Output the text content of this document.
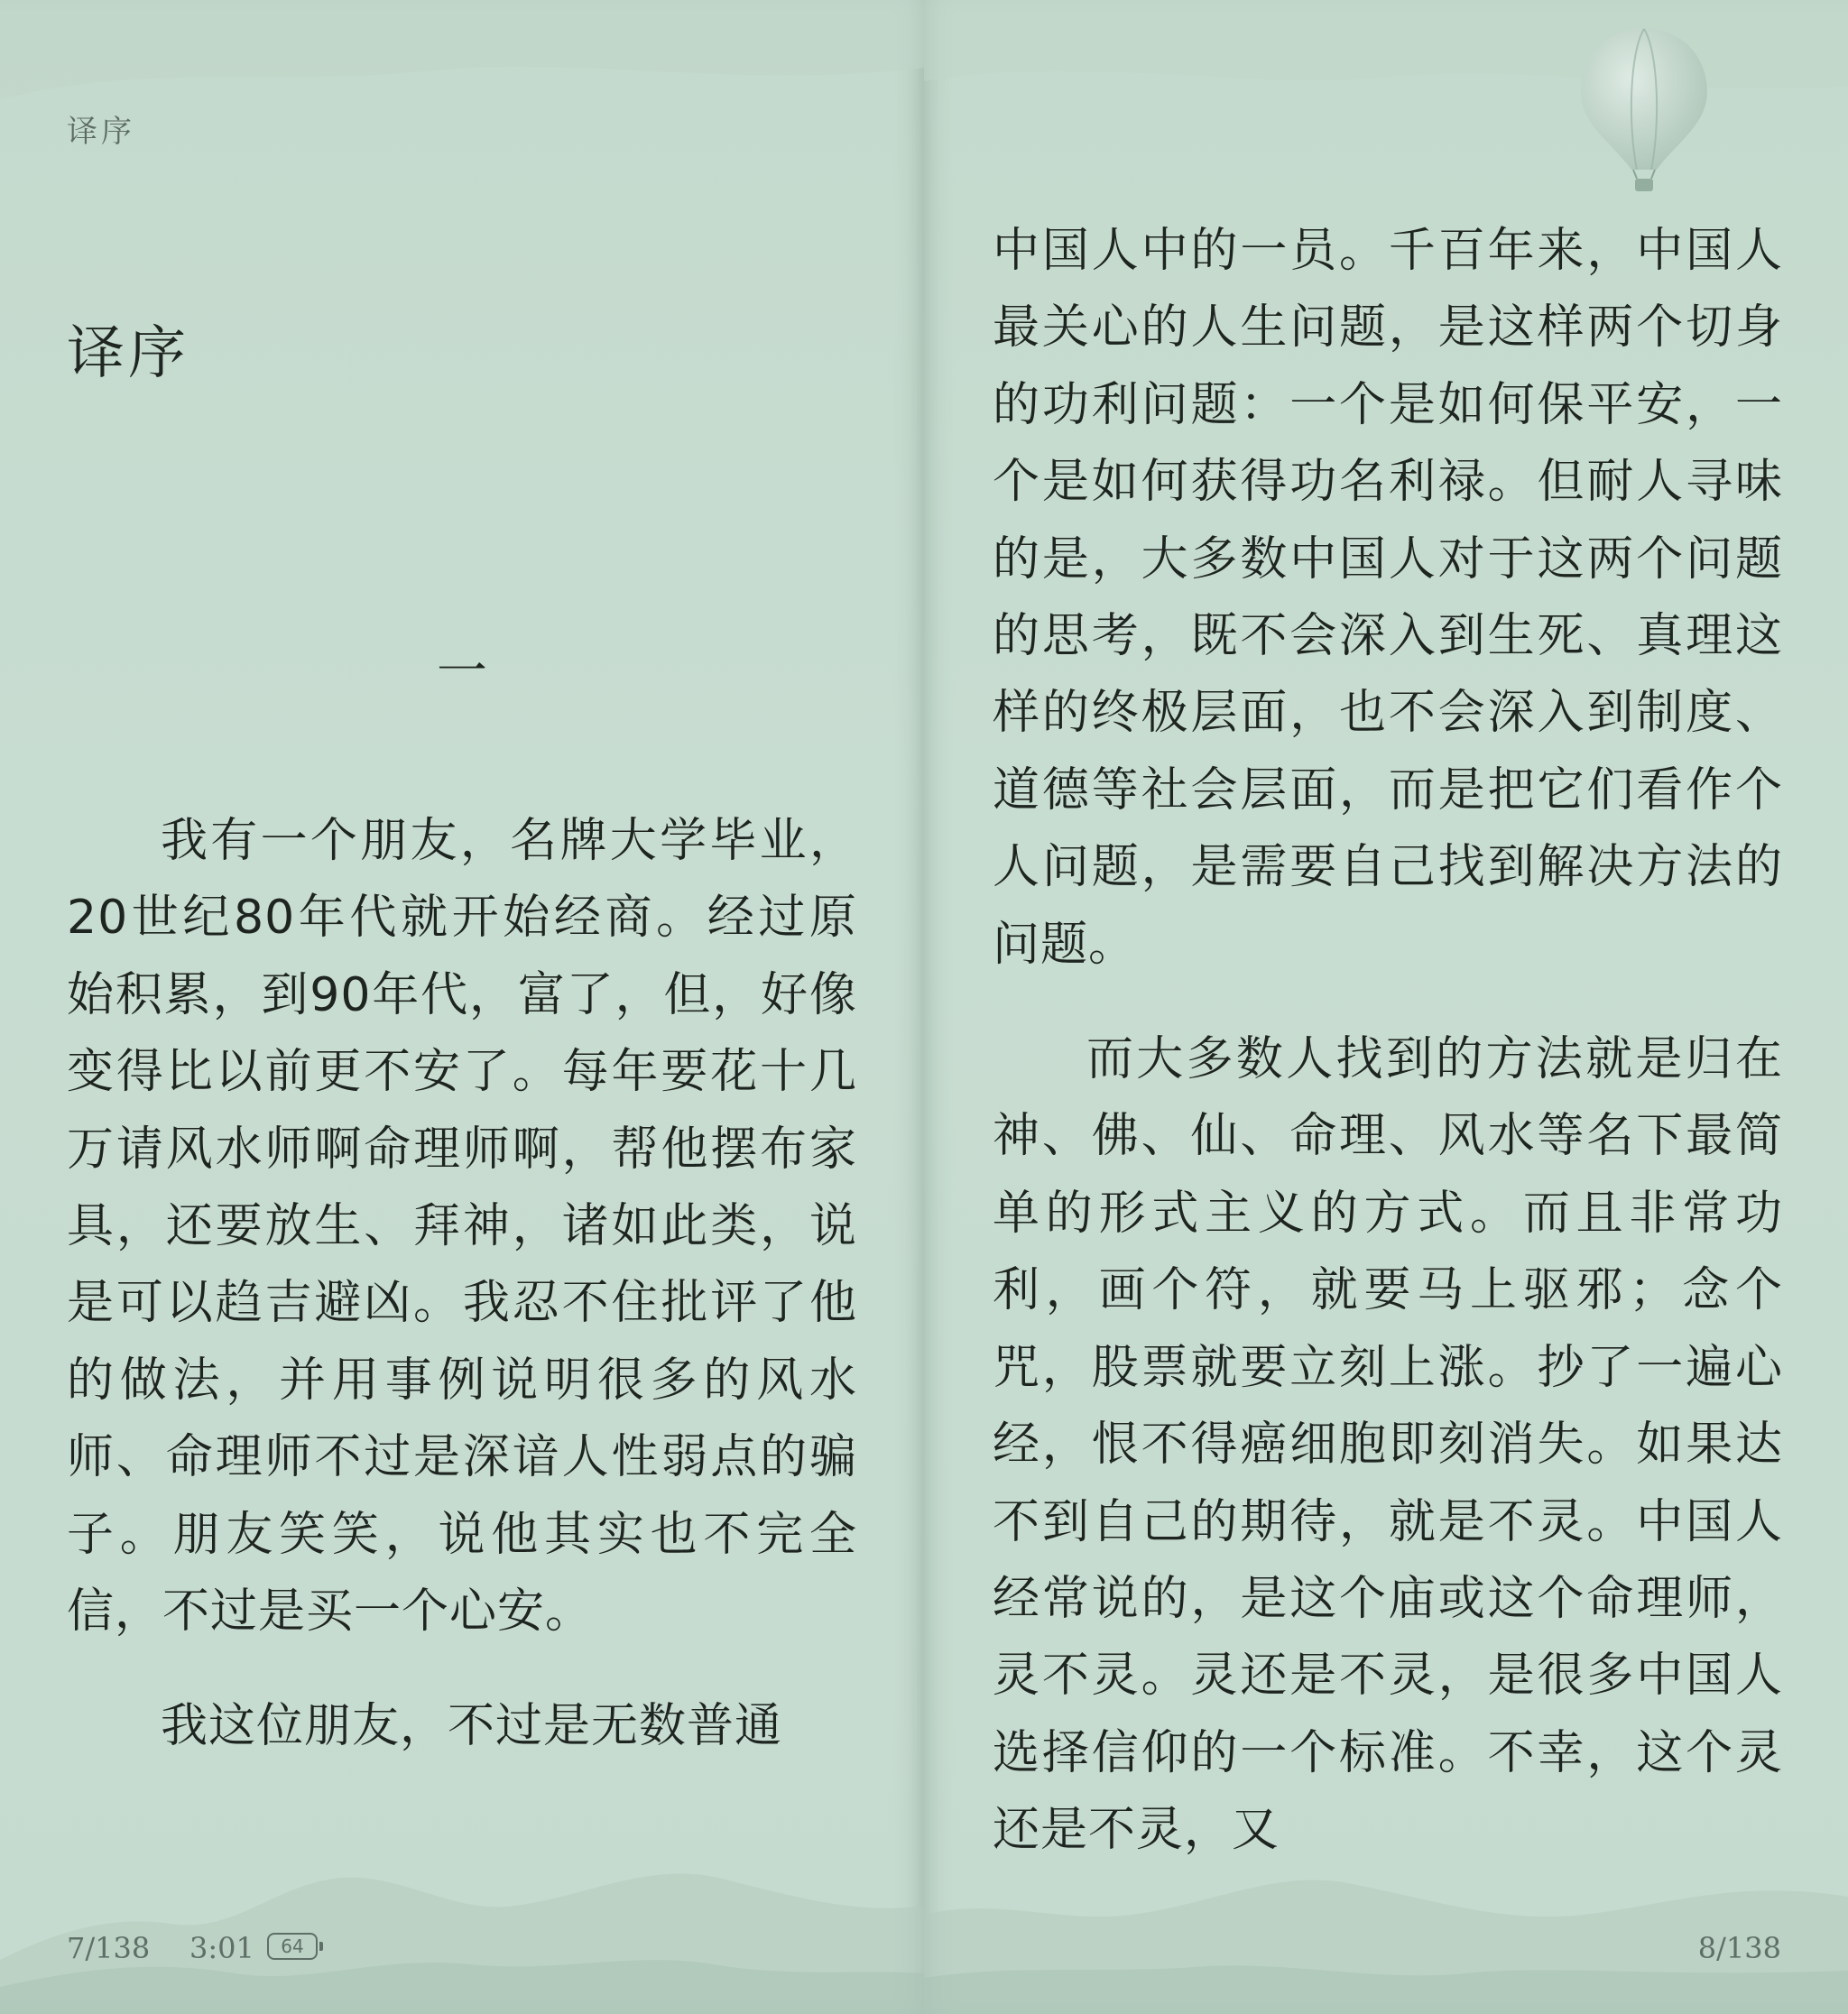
译序
译序
一

我有一个朋友，名牌大学毕业，20世纪80年代就开始经商。经过原始积累，到90年代，富了，但，好像变得比以前更不安了。每年要花十几万请风水师啊命理师啊，帮他摆布家具，还要放生、拜神，诸如此类，说是可以趋吉避凶。我忍不住批评了他的做法，并用事例说明很多的风水师、命理师不过是深谙人性弱点的骗子。朋友笑笑，说他其实也不完全信，不过是买一个心安。

我这位朋友，不过是无数普通

7/138 3:01 64

中国人中的一员。千百年来，中国人最关心的人生问题，是这样两个切身的功利问题：一个是如何保平安，一个是如何获得功名利禄。但耐人寻味的是，大多数中国人对于这两个问题的思考，既不会深入到生死、真理这样的终极层面，也不会深入到制度、道德等社会层面，而是把它们看作个人问题，是需要自己找到解决方法的问题。

而大多数人找到的方法就是归在神、佛、仙、命理、风水等名下最简单的形式主义的方式。而且非常功利，画个符，就要马上驱邪；念个咒，股票就要立刻上涨。抄了一遍心经，恨不得癌细胞即刻消失。如果达不到自己的期待，就是不灵。中国人经常说的，是这个庙或这个命理师，灵不灵。灵还是不灵，是很多中国人选择信仰的一个标准。不幸，这个灵还是不灵，又

8/138
